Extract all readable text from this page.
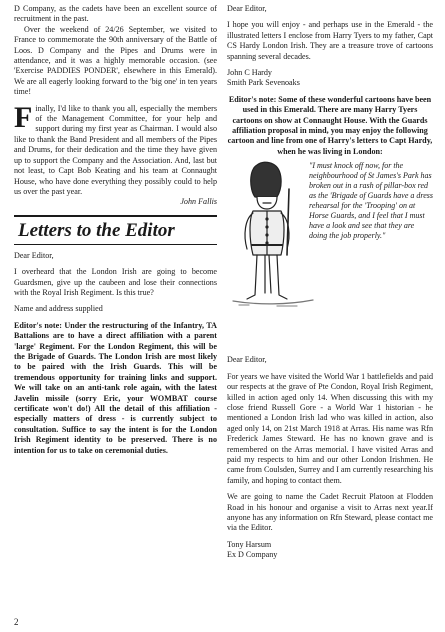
D Company, as the cadets have been an excellent source of recruitment in the past.

Over the weekend of 24/26 September, we visited to France to commemorate the 90th anniversary of the Battle of Loos. D Company and the Pipes and Drums were in attendance, and it was a highly memorable occasion. (see 'Exercise PADDIES PONDER', elsewhere in this Emerald). We are all eagerly looking forward to the 'big one' in ten years time!

Finally, I'd like to thank you all, especially the members of the Management Committee, for your help and support during my first year as Chairman. I would also like to thank the Band President and all members of the Pipes and Drums, for their dedication and the time they have given up to support the Company and the Association. And, last but not least, to Capt Bob Keating and his team at Connaught House, who have done everything they possibly could to help us over the past year.

John Fallis

Letters to the Editor

Dear Editor,

I overheard that the London Irish are going to become Guardsmen, give up the caubeen and lose their connections with the Royal Irish Regiment. Is this true?

Name and address supplied

Editor's note: Under the restructuring of the Infantry, TA Battalions are to have a direct affiliation with a parent 'large' Regiment. For the London Regiment, this will be the Brigade of Guards. The London Irish are most likely to be paired with the Irish Guards. This will be tremendous opportunity for training links and support. We will take on an anti-tank role again, with the latest Javelin missile (sorry Eric, your WOMBAT course certificate won't do!) All the detail of this affiliation - especially matters of dress - is currently subject to consultation. Suffice to say the intent is for the London Irish Regiment identity to be preserved. There is no intention for us to take on ceremonial duties.

2

Dear Editor,

I hope you will enjoy - and perhaps use in the Emerald - the illustrated letters I enclose from Harry Tyers to my father, Capt CS Hardy London Irish. They are a treasure trove of cartoons spanning several decades.

John C Hardy

Smith Park Sevenoaks

Editor's note: Some of these wonderful cartoons have been used in this Emerald. There are many Harry Tyers cartoons on show at Connaught House. With the Guards affiliation proposal in mind, you may enjoy the following cartoon and line from one of Harry's letters to Capt Hardy, when he was living in London:

"I must knock off now, for the neighbourhood of St James's Park has broken out in a rash of pillar-box red as the 'Brigade of Guards have a dress rehearsal for the 'Trooping' on at Horse Guards, and I feel that I must have a look and see that they are doing the job properly."

Dear Editor,

For years we have visited the World War 1 battlefields and paid our respects at the grave of Pte Condon, Royal Irish Regiment, killed in action aged only 14. When discussing this with my close friend Russell Gore - a World War 1 historian - he mentioned a London Irish lad who was killed in action, also aged only 14, on 21st March 1918 at Arras. His name was Rfn Frederick James Steward. He has no known grave and is remembered on the Arras memorial. I have visited Arras and paid my respects to him and our other London Irishmen. He came from Coulsden, Surrey and I am currently researching his family, and hoping to contact them.

We are going to name the Cadet Recruit Platoon at Flodden Road in his honour and organise a visit to Arras next year.If anyone has any information on Rfn Steward, please contact me via the Editor.

Tony Harsum

Ex D Company
